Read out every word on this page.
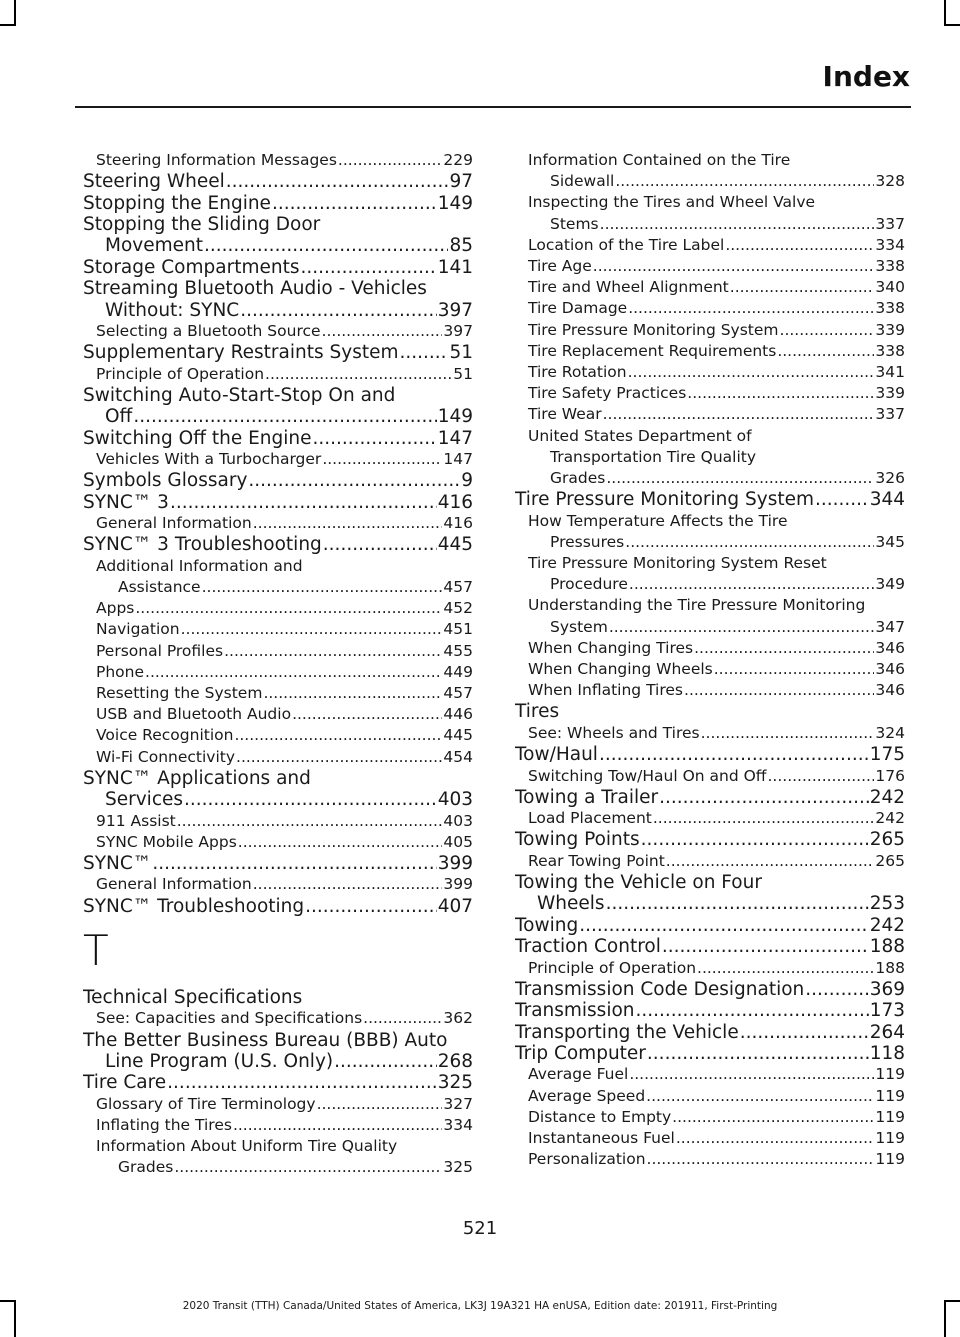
Index
Steering Information Messages .....	229
Steering Wheel .....	97
Stopping the Engine .....	149
Stopping the Sliding Door
Movement .....	85
Storage Compartments .....	141
Streaming Bluetooth Audio - Vehicles
Without: SYNC .....	397
Selecting a Bluetooth Source .....	397
Supplementary Restraints System .....	51
Principle of Operation .....	51
Switching Auto-Start-Stop On and
Off .....	149
Switching Off the Engine .....	147
Vehicles With a Turbocharger .....	147
Symbols Glossary .....	9
SYNC™ 3 .....	416
General Information .....	416
SYNC™ 3 Troubleshooting .....	445
Additional Information and
Assistance .....	457
Apps .....	452
Navigation .....	451
Personal Profiles .....	455
Phone .....	449
Resetting the System .....	457
USB and Bluetooth Audio .....	446
Voice Recognition .....	445
Wi-Fi Connectivity .....	454
SYNC™ Applications and
Services .....	403
911 Assist .....	403
SYNC Mobile Apps .....	405
SYNC™ .....	399
General Information .....	399
SYNC™ Troubleshooting .....	407
T
Technical Specifications
See: Capacities and Specifications .....	362
The Better Business Bureau (BBB) Auto
Line Program (U.S. Only) .....	268
Tire Care .....	325
Glossary of Tire Terminology .....	327
Inflating the Tires .....	334
Information About Uniform Tire Quality
Grades .....	325
Information Contained on the Tire
Sidewall .....	328
Inspecting the Tires and Wheel Valve
Stems .....	337
Location of the Tire Label .....	334
Tire Age .....	338
Tire and Wheel Alignment .....	340
Tire Damage .....	338
Tire Pressure Monitoring System .....	339
Tire Replacement Requirements .....	338
Tire Rotation .....	341
Tire Safety Practices .....	339
Tire Wear .....	337
United States Department of
Transportation Tire Quality
Grades .....	326
Tire Pressure Monitoring System .....	344
How Temperature Affects the Tire
Pressures .....	345
Tire Pressure Monitoring System Reset
Procedure .....	349
Understanding the Tire Pressure Monitoring
System .....	347
When Changing Tires .....	346
When Changing Wheels .....	346
When Inflating Tires .....	346
Tires
See: Wheels and Tires .....	324
Tow/Haul .....	175
Switching Tow/Haul On and Off .....	176
Towing a Trailer .....	242
Load Placement .....	242
Towing Points .....	265
Rear Towing Point .....	265
Towing the Vehicle on Four
Wheels .....	253
Towing .....	242
Traction Control .....	188
Principle of Operation .....	188
Transmission Code Designation .....	369
Transmission .....	173
Transporting the Vehicle .....	264
Trip Computer .....	118
Average Fuel .....	119
Average Speed .....	119
Distance to Empty .....	119
Instantaneous Fuel .....	119
Personalization .....	119
521
2020 Transit (TTH) Canada/United States of America, LK3J 19A321 HA enUSA, Edition date: 201911, First-Printing
